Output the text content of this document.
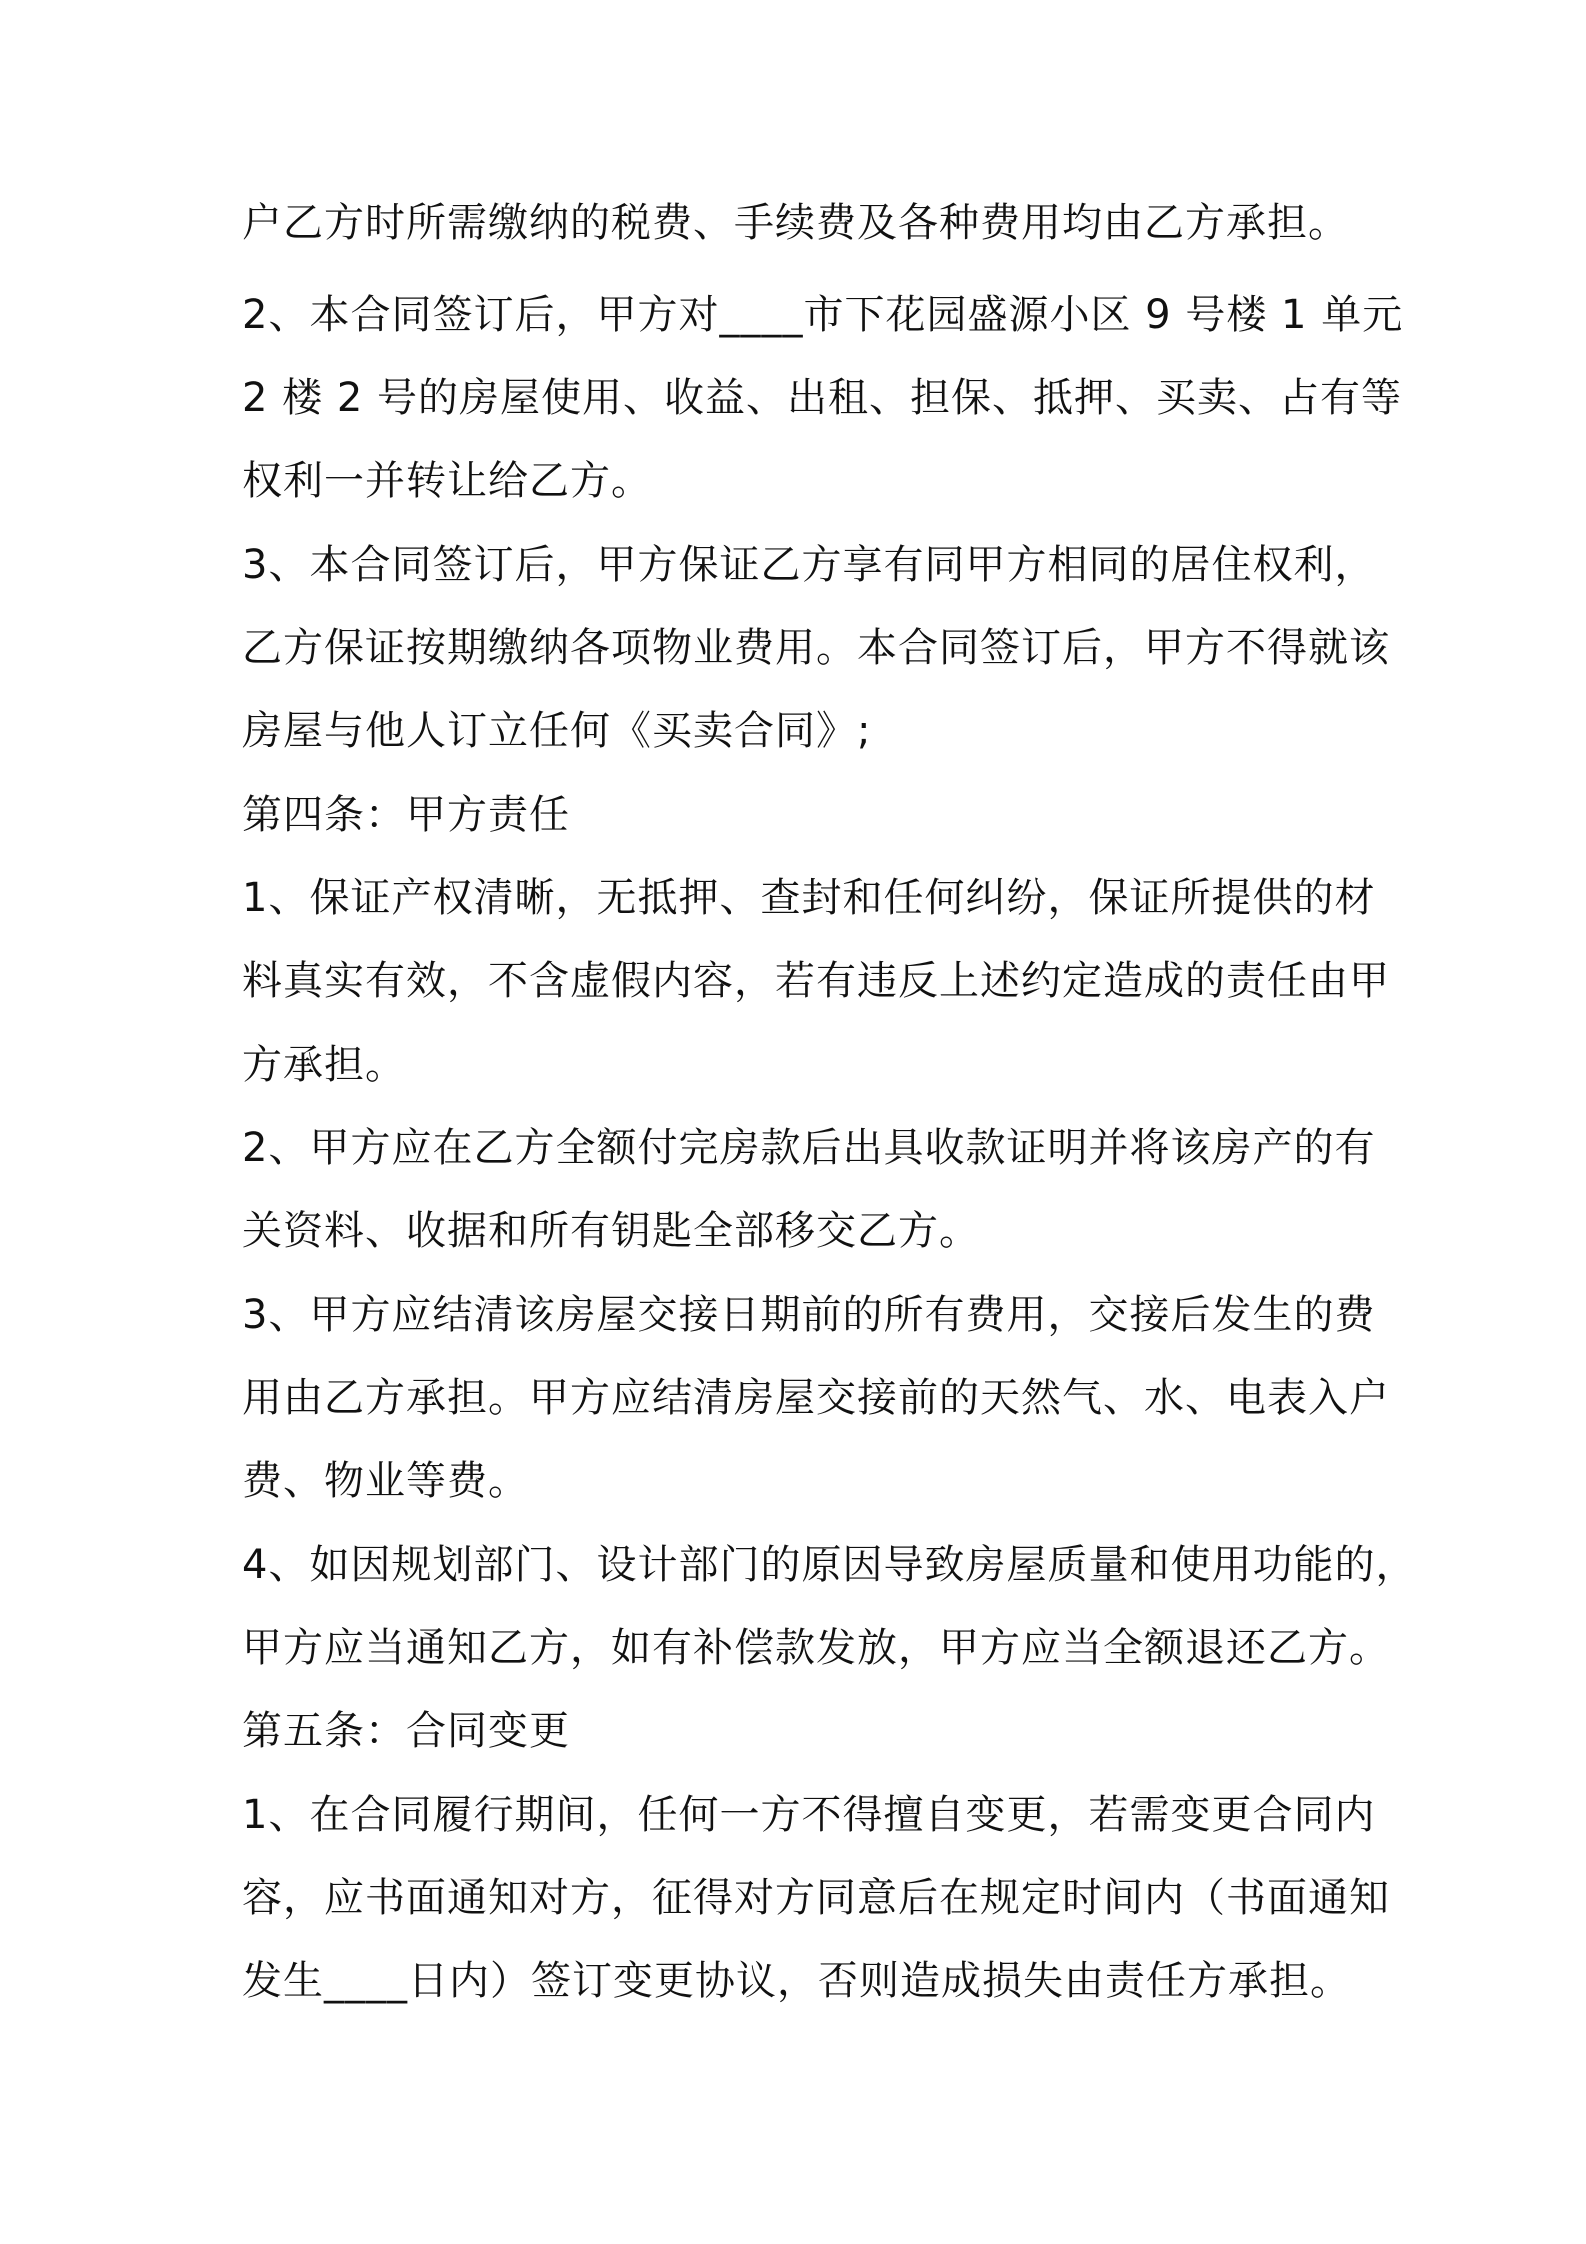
户乙方时所需缴纳的税费、手续费及各种费用均由乙方承担。
2、本合同签订后，甲方对____市下花园盛源小区 9 号楼 1 单元
2 楼 2 号的房屋使用、收益、出租、担保、抵押、买卖、占有等
权利一并转让给乙方。
3、本合同签订后，甲方保证乙方享有同甲方相同的居住权利，
乙方保证按期缴纳各项物业费用。本合同签订后，甲方不得就该
房屋与他人订立任何《买卖合同》;
第四条：甲方责任
1、保证产权清晰，无抵押、查封和任何纠纷，保证所提供的材
料真实有效，不含虚假内容，若有违反上述约定造成的责任由甲
方承担。
2、甲方应在乙方全额付完房款后出具收款证明并将该房产的有
关资料、收据和所有钥匙全部移交乙方。
3、甲方应结清该房屋交接日期前的所有费用，交接后发生的费
用由乙方承担。甲方应结清房屋交接前的天然气、水、电表入户
费、物业等费。
4、如因规划部门、设计部门的原因导致房屋质量和使用功能的，
甲方应当通知乙方，如有补偿款发放，甲方应当全额退还乙方。
第五条：合同变更
1、在合同履行期间，任何一方不得擅自变更，若需变更合同内
容，应书面通知对方，征得对方同意后在规定时间内（书面通知
发生____日内）签订变更协议，否则造成损失由责任方承担。
